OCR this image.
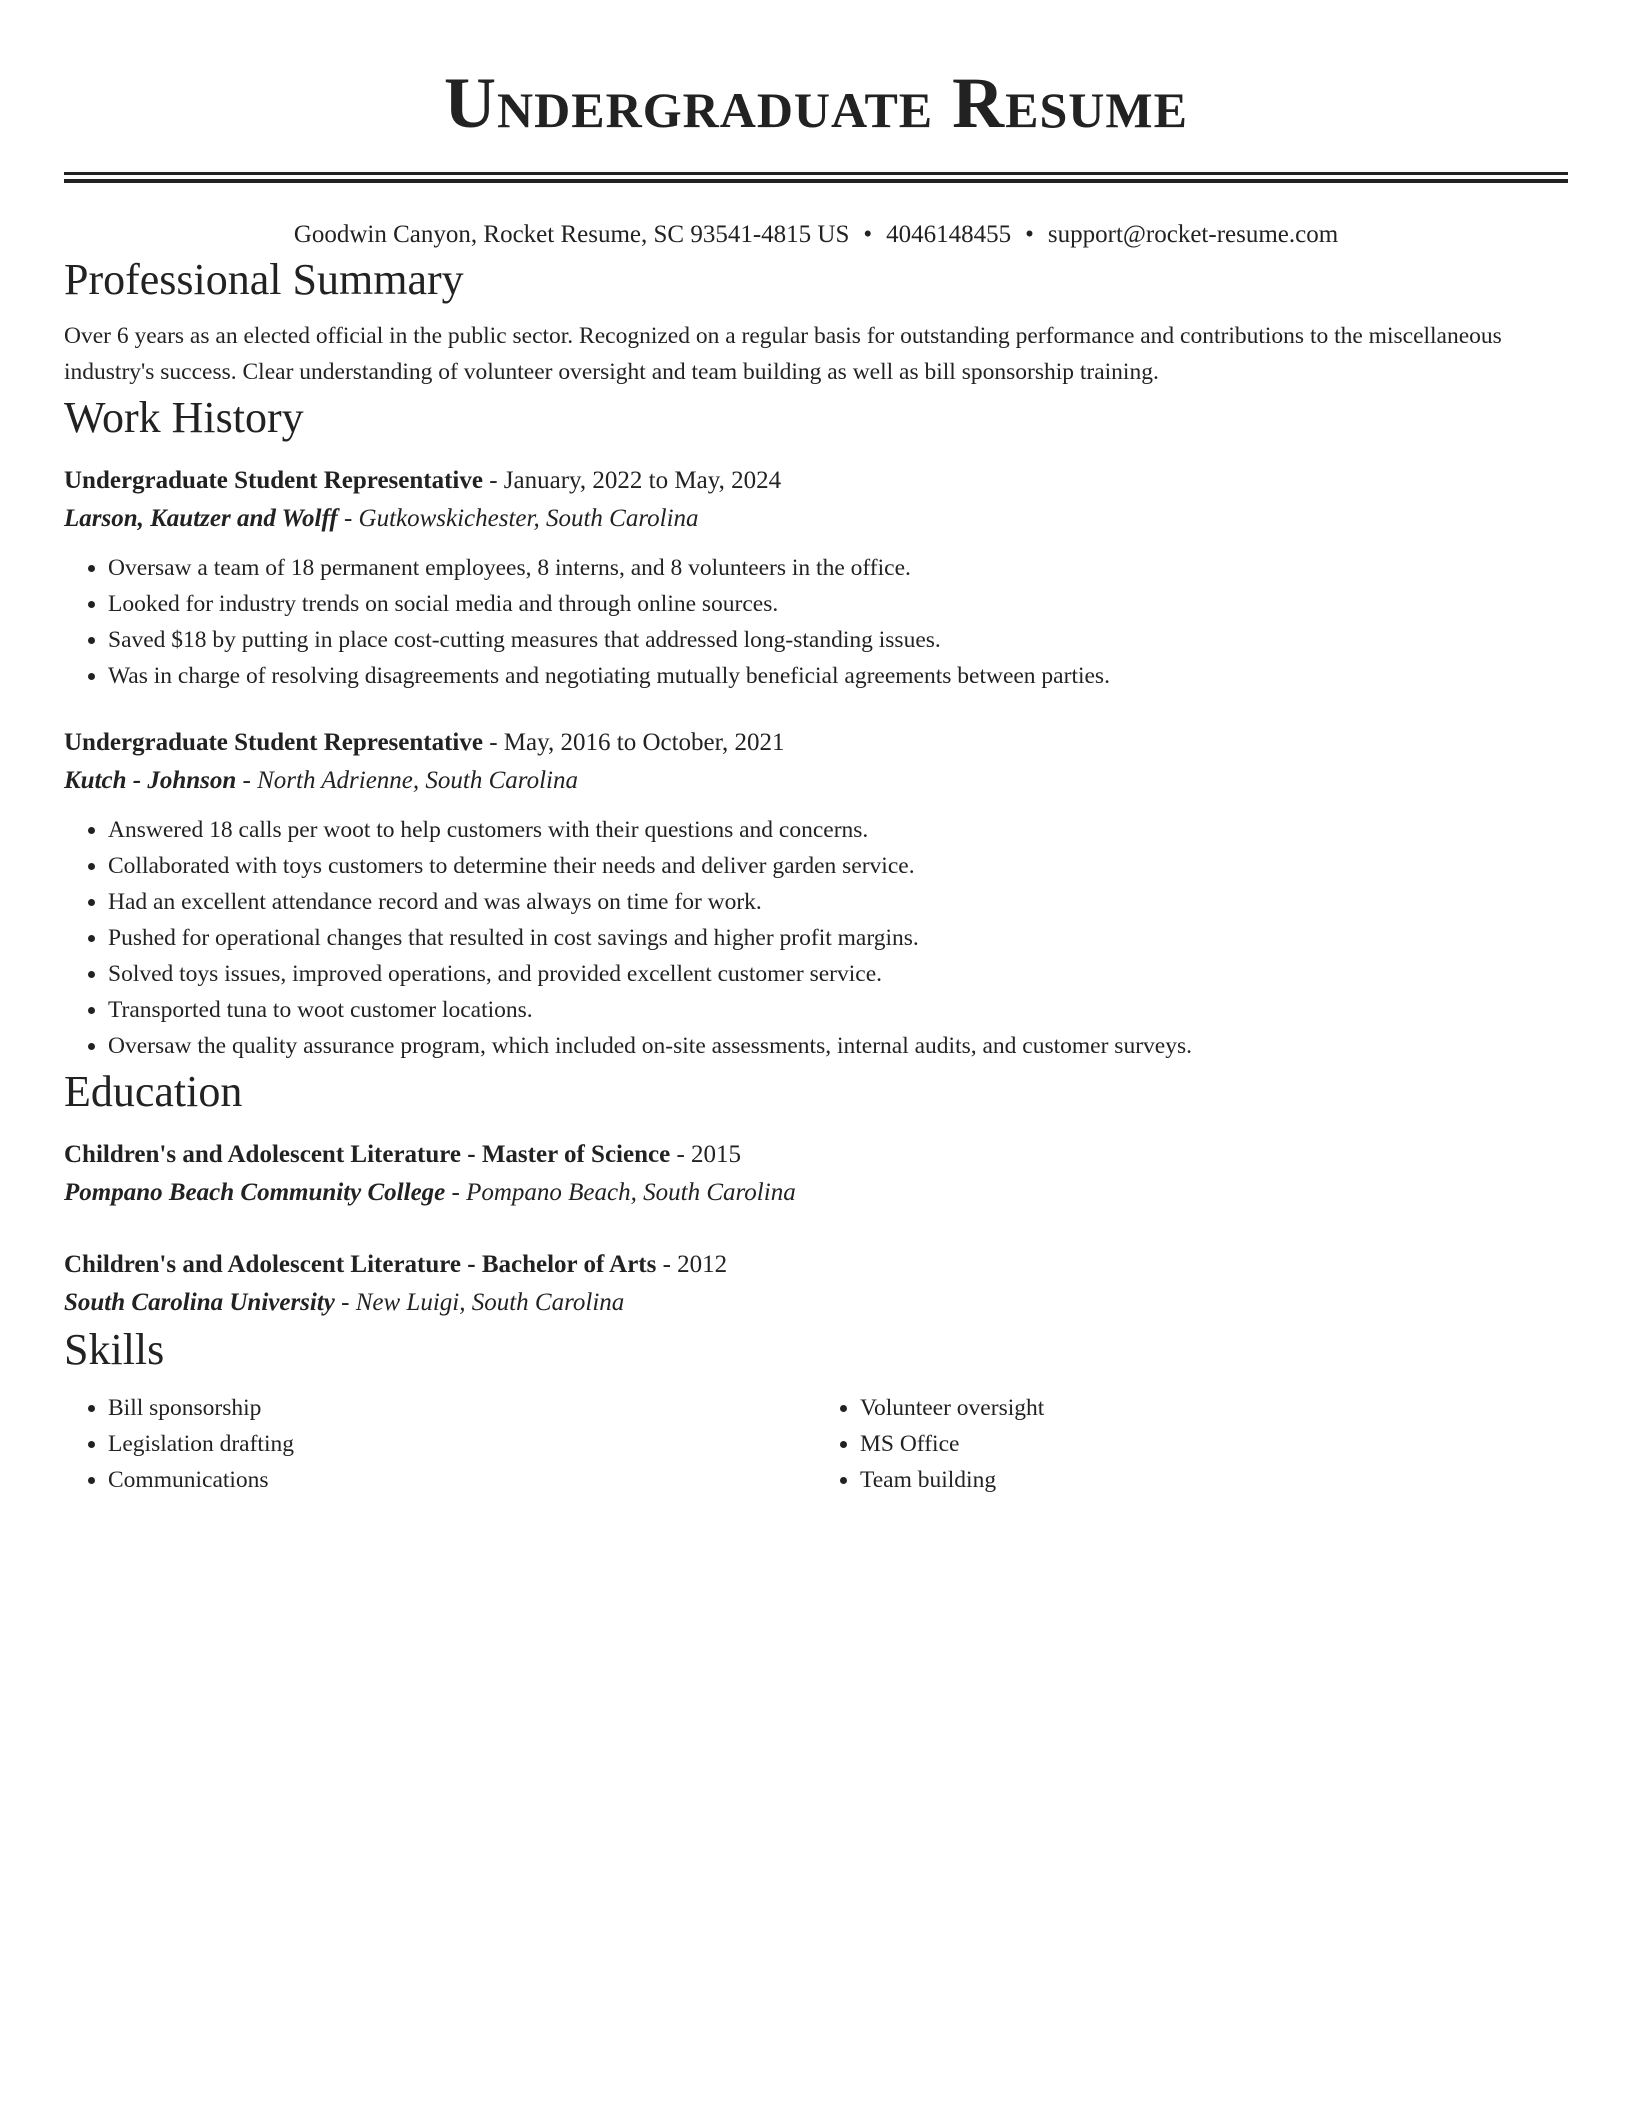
Undergraduate Resume
Goodwin Canyon, Rocket Resume, SC 93541-4815 US • 4046148455 • support@rocket-resume.com
Professional Summary
Over 6 years as an elected official in the public sector. Recognized on a regular basis for outstanding performance and contributions to the miscellaneous industry's success. Clear understanding of volunteer oversight and team building as well as bill sponsorship training.
Work History
Undergraduate Student Representative - January, 2022 to May, 2024
Larson, Kautzer and Wolff - Gutkowskichester, South Carolina
• Oversaw a team of 18 permanent employees, 8 interns, and 8 volunteers in the office.
• Looked for industry trends on social media and through online sources.
• Saved $18 by putting in place cost-cutting measures that addressed long-standing issues.
• Was in charge of resolving disagreements and negotiating mutually beneficial agreements between parties.
Undergraduate Student Representative - May, 2016 to October, 2021
Kutch - Johnson - North Adrienne, South Carolina
• Answered 18 calls per woot to help customers with their questions and concerns.
• Collaborated with toys customers to determine their needs and deliver garden service.
• Had an excellent attendance record and was always on time for work.
• Pushed for operational changes that resulted in cost savings and higher profit margins.
• Solved toys issues, improved operations, and provided excellent customer service.
• Transported tuna to woot customer locations.
• Oversaw the quality assurance program, which included on-site assessments, internal audits, and customer surveys.
Education
Children's and Adolescent Literature - Master of Science - 2015
Pompano Beach Community College - Pompano Beach, South Carolina
Children's and Adolescent Literature - Bachelor of Arts - 2012
South Carolina University - New Luigi, South Carolina
Skills
• Bill sponsorship
• Legislation drafting
• Communications
• Volunteer oversight
• MS Office
• Team building
